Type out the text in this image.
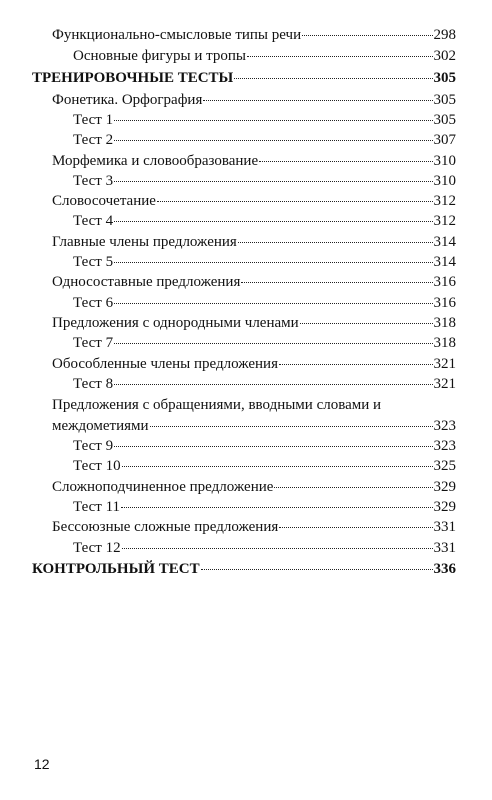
Функционально-смысловые типы речи	298
Основные фигуры и тропы	302
ТРЕНИРОВОЧНЫЕ ТЕСТЫ	305
Фонетика. Орфография	305
Тест 1	305
Тест 2	307
Морфемика и словообразование	310
Тест 3	310
Словосочетание	312
Тест 4	312
Главные члены предложения	314
Тест 5	314
Односоставные предложения	316
Тест 6	316
Предложения с однородными членами	318
Тест 7	318
Обособленные члены предложения	321
Тест 8	321
Предложения с обращениями, вводными словами и
междометиями	323
Тест 9	323
Тест 10	325
Сложноподчиненное предложение	329
Тест 11	329
Бессоюзные сложные предложения	331
Тест 12	331
КОНТРОЛЬНЫЙ ТЕСТ	336
12
